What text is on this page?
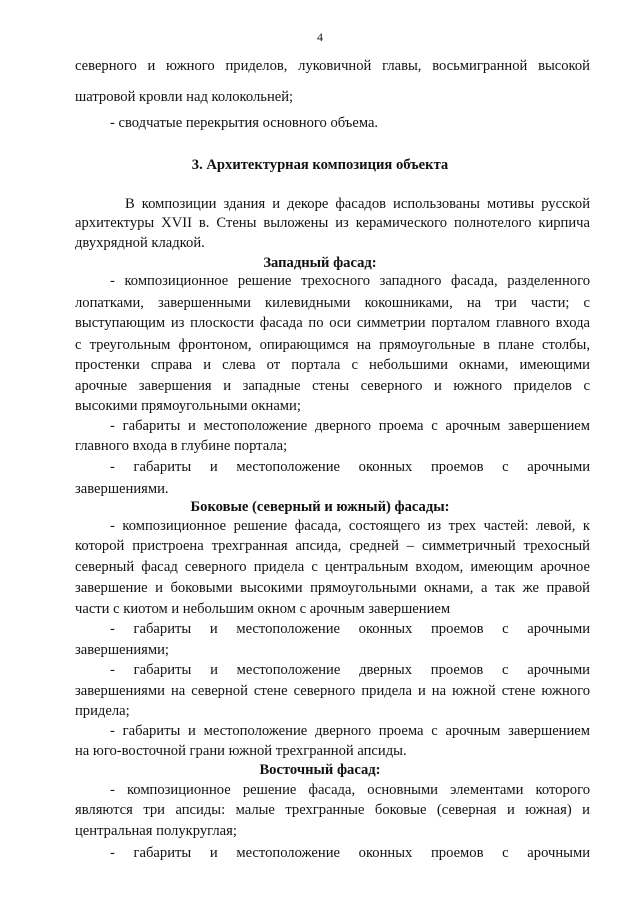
4
северного и южного приделов, луковичной главы, восьмигранной высокой
шатровой кровли над колокольней;
- сводчатые перекрытия основного объема.
3. Архитектурная композиция объекта
В композиции здания и декоре фасадов использованы мотивы русской
архитектуры XVII в. Стены выложены из керамического полнотелого кирпича
двухрядной кладкой.
Западный фасад:
- композиционное решение трехосного западного фасада, разделенного
лопатками, завершенными килевидными кокошниками, на три части; с
выступающим из плоскости фасада по оси симметрии порталом главного входа
с треугольным фронтоном, опирающимся на прямоугольные в плане столбы,
простенки справа и слева от портала с небольшими окнами, имеющими
арочные завершения и западные стены северного и южного приделов с
высокими прямоугольными окнами;
- габариты и местоположение дверного проема с арочным завершением
главного входа в глубине портала;
- габариты и местоположение оконных проемов с арочными
завершениями.
Боковые (северный и южный) фасады:
- композиционное решение фасада, состоящего из трех частей: левой, к
которой пристроена трехгранная апсида, средней – симметричный трехосный
северный фасад северного придела с центральным входом, имеющим арочное
завершение и боковыми высокими прямоугольными окнами, а так же правой
части с киотом и небольшим окном с арочным завершением
- габариты и местоположение оконных проемов с арочными
завершениями;
- габариты и местоположение дверных проемов с арочными
завершениями на северной стене северного придела и на южной стене южного
придела;
- габариты и местоположение дверного проема с арочным завершением
на юго-восточной грани южной трехгранной апсиды.
Восточный фасад:
- композиционное решение фасада, основными элементами которого
являются три апсиды: малые трехгранные боковые (северная и южная) и
центральная полукруглая;
- габариты и местоположение оконных проемов с арочными
